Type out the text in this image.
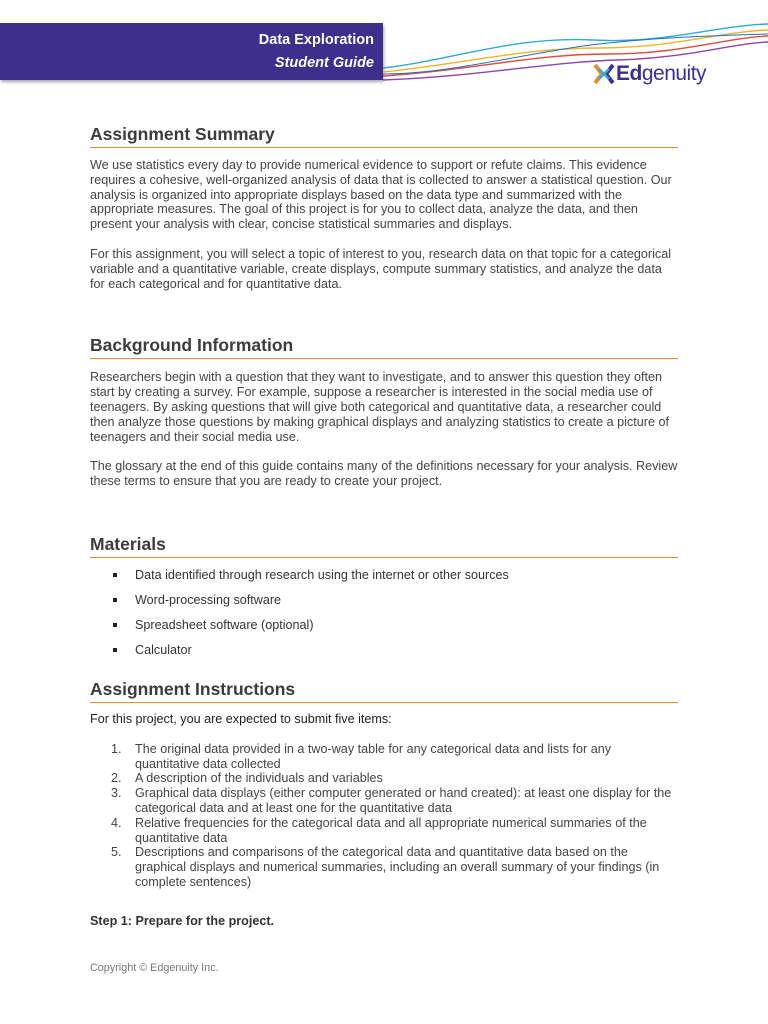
Data Exploration
Student Guide	Edgenuity
Assignment Summary

We use statistics every day to provide numerical evidence to support or refute claims. This evidence requires a cohesive, well-organized analysis of data that is collected to answer a statistical question. Our analysis is organized into appropriate displays based on the data type and summarized with the appropriate measures. The goal of this project is for you to collect data, analyze the data, and then present your analysis with clear, concise statistical summaries and displays.

For this assignment, you will select a topic of interest to you, research data on that topic for a categorical variable and a quantitative variable, create displays, compute summary statistics, and analyze the data for each categorical and for quantitative data.

Background Information

Researchers begin with a question that they want to investigate, and to answer this question they often start by creating a survey. For example, suppose a researcher is interested in the social media use of teenagers. By asking questions that will give both categorical and quantitative data, a researcher could then analyze those questions by making graphical displays and analyzing statistics to create a picture of teenagers and their social media use.

The glossary at the end of this guide contains many of the definitions necessary for your analysis. Review these terms to ensure that you are ready to create your project.

Materials
Data identified through research using the internet or other sources
Word-processing software
Spreadsheet software (optional)
Calculator
Assignment Instructions

For this project, you are expected to submit five items:

1. The original data provided in a two-way table for any categorical data and lists for any quantitative data collected
2. A description of the individuals and variables
3. Graphical data displays (either computer generated or hand created): at least one display for the categorical data and at least one for the quantitative data
4. Relative frequencies for the categorical data and all appropriate numerical summaries of the quantitative data
5. Descriptions and comparisons of the categorical data and quantitative data based on the graphical displays and numerical summaries, including an overall summary of your findings (in complete sentences)
Step 1: Prepare for the project.
Copyright © Edgenuity Inc.
